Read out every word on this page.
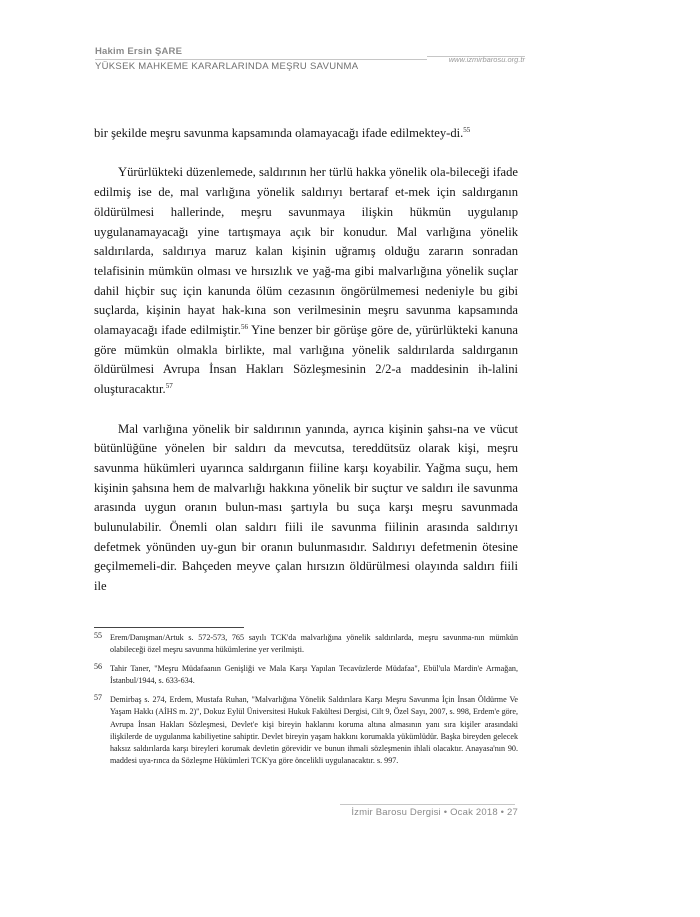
Hakim Ersin ŞARE
www.izmirbarosu.org.tr
YÜKSEK MAHKEME KARARLARINDA MEŞRU SAVUNMA

bir şekilde meşru savunma kapsamında olamayacağı ifade edilmektey-di.$^{55}$

Yürürlükteki düzenlemede, saldırının her türlü hakka yönelik ola-bileceği ifade edilmiş ise de, mal varlığına yönelik saldırıyı bertaraf et-mek için saldırganın öldürülmesi hallerinde, meşru savunmaya ilişkin hükmün uygulanıp uygulanamayacağı yine tartışmaya açık bir konudur. Mal varlığına yönelik saldırılarda, saldırıya maruz kalan kişinin uğramış olduğu zararın sonradan telafisinin mümkün olması ve hırsızlık ve yağ-ma gibi malvarlığına yönelik suçlar dahil hiçbir suç için kanunda ölüm cezasının öngörülmemesi nedeniyle bu gibi suçlarda, kişinin hayat hak-kına son verilmesinin meşru savunma kapsamında olamayacağı ifade edilmiştir.$^{56}$ Yine benzer bir görüşe göre de, yürürlükteki kanuna göre mümkün olmakla birlikte, mal varlığına yönelik saldırılarda saldırganın öldürülmesi Avrupa İnsan Hakları Sözleşmesinin 2/2-a maddesinin ih-lalini oluşturacaktır.$^{57}$

Mal varlığına yönelik bir saldırının yanında, ayrıca kişinin şahsı-na ve vücut bütünlüğüne yönelen bir saldırı da mevcutsa, tereddütsüz olarak kişi, meşru savunma hükümleri uyarınca saldırganın fiiline karşı koyabilir. Yağma suçu, hem kişinin şahsına hem de malvarlığı hakkına yönelik bir suçtur ve saldırı ile savunma arasında uygun oranın bulun-ması şartıyla bu suça karşı meşru savunmada bulunulabilir. Önemli olan saldırı fiili ile savunma fiilinin arasında saldırıyı defetmek yönünden uy-gun bir oranın bulunmasıdır. Saldırıyı defetmenin ötesine geçilmemeli-dir. Bahçeden meyve çalan hırsızın öldürülmesi olayında saldırı fiili ile

55 Erem/Danışman/Artuk s. 572-573, 765 sayılı TCK'da malvarlığına yönelik saldırılarda, meşru savunma-nın mümkün olabileceği özel meşru savunma hükümlerine yer verilmişti.
56 Tahir Taner, "Meşru Müdafaanın Genişliği ve Mala Karşı Yapılan Tecavüzlerde Müdafaa", Ebül'ula Mardin'e Armağan, İstanbul/1944, s. 633-634.
57 Demirbaş s. 274, Erdem, Mustafa Ruhan, "Malvarlığına Yönelik Saldırılara Karşı Meşru Savunma İçin İnsan Öldürme Ve Yaşam Hakkı (AİHS m. 2)", Dokuz Eylül Üniversitesi Hukuk Fakültesi Dergisi, Cilt 9, Özel Sayı, 2007, s. 998, Erdem'e göre, Avrupa İnsan Hakları Sözleşmesi, Devlet'e kişi bireyin haklarını koruma altına almasının yanı sıra kişiler arasındaki ilişkilerde de uygulanma kabiliyetine sahiptir. Devlet bireyin yaşam hakkını korumakla yükümlüdür. Başka bireyden gelecek haksız saldırılarda karşı bireyleri korumak devletin görevidir ve bunun ihmali sözleşmenin ihlali olacaktır. Anayasa'nın 90. maddesi uya-rınca da Sözleşme Hükümleri TCK'ya göre öncelikli uygulanacaktır. s. 997.
İzmir Barosu Dergisi • Ocak 2018 • 27
